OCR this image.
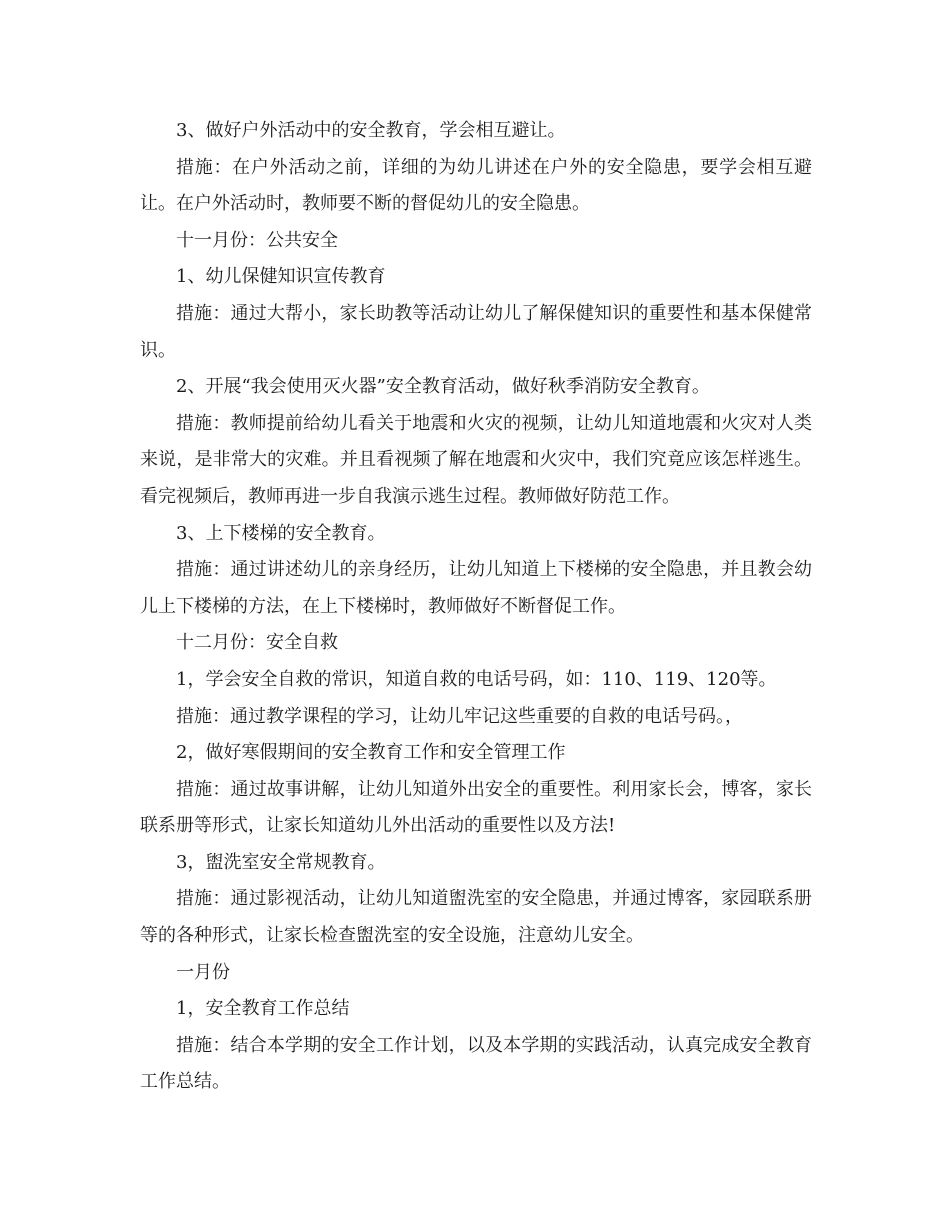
3、做好户外活动中的安全教育，学会相互避让。

措施：在户外活动之前，详细的为幼儿讲述在户外的安全隐患，要学会相互避让。在户外活动时，教师要不断的督促幼儿的安全隐患。

十一月份：公共安全

1、幼儿保健知识宣传教育

措施：通过大帮小，家长助教等活动让幼儿了解保健知识的重要性和基本保健常识。

2、开展“我会使用灭火器”安全教育活动，做好秋季消防安全教育。

措施：教师提前给幼儿看关于地震和火灾的视频，让幼儿知道地震和火灾对人类来说，是非常大的灾难。并且看视频了解在地震和火灾中，我们究竟应该怎样逃生。看完视频后，教师再进一步自我演示逃生过程。教师做好防范工作。

3、上下楼梯的安全教育。

措施：通过讲述幼儿的亲身经历，让幼儿知道上下楼梯的安全隐患，并且教会幼儿上下楼梯的方法，在上下楼梯时，教师做好不断督促工作。

十二月份：安全自救

1，学会安全自救的常识，知道自救的电话号码，如：110、119、120等。

措施：通过教学课程的学习，让幼儿牢记这些重要的自救的电话号码。，

2，做好寒假期间的安全教育工作和安全管理工作

措施：通过故事讲解，让幼儿知道外出安全的重要性。利用家长会，博客，家长联系册等形式，让家长知道幼儿外出活动的重要性以及方法!

3，盥洗室安全常规教育。

措施：通过影视活动，让幼儿知道盥洗室的安全隐患，并通过博客，家园联系册等的各种形式，让家长检查盥洗室的安全设施，注意幼儿安全。

一月份

1，安全教育工作总结

措施：结合本学期的安全工作计划，以及本学期的实践活动，认真完成安全教育工作总结。
